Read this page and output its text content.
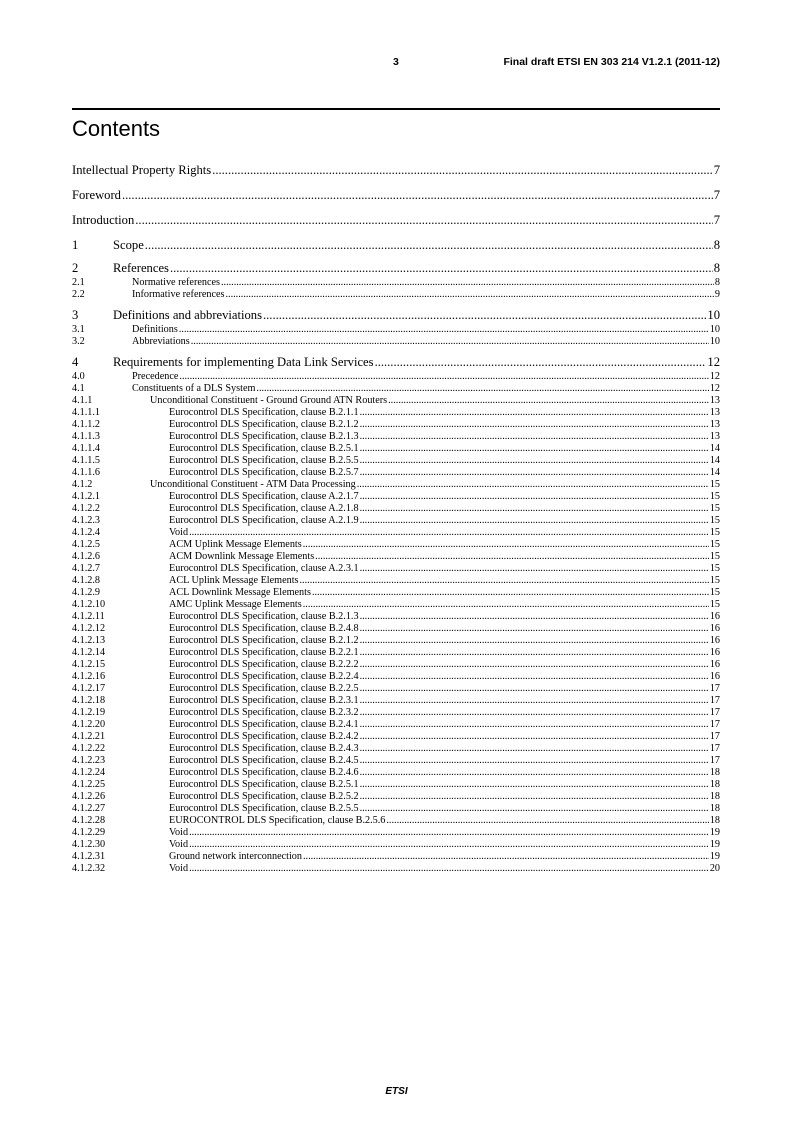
3	Final draft ETSI EN 303 214 V1.2.1 (2011-12)
Contents
Intellectual Property Rights .....	7
Foreword .....	7
Introduction .....	7
1	Scope .....	8
2	References .....	8
2.1	Normative references .....	8
2.2	Informative references .....	9
3	Definitions and abbreviations .....	10
3.1	Definitions .....	10
3.2	Abbreviations .....	10
4	Requirements for implementing Data Link Services .....	12
4.0	Precedence .....	12
4.1	Constituents of a DLS System .....	12
4.1.1	Unconditional Constituent - Ground Ground ATN Routers .....	13
4.1.1.1	Eurocontrol DLS Specification, clause B.2.1.1 .....	13
4.1.1.2	Eurocontrol DLS Specification, clause B.2.1.2 .....	13
4.1.1.3	Eurocontrol DLS Specification, clause B.2.1.3 .....	13
4.1.1.4	Eurocontrol DLS Specification, clause B.2.5.1 .....	14
4.1.1.5	Eurocontrol DLS Specification, clause B.2.5.5 .....	14
4.1.1.6	Eurocontrol DLS Specification, clause B.2.5.7 .....	14
4.1.2	Unconditional Constituent - ATM Data Processing .....	15
4.1.2.1	Eurocontrol DLS Specification, clause A.2.1.7 .....	15
4.1.2.2	Eurocontrol DLS Specification, clause A.2.1.8 .....	15
4.1.2.3	Eurocontrol DLS Specification, clause A.2.1.9 .....	15
4.1.2.4	Void .....	15
4.1.2.5	ACM Uplink Message Elements .....	15
4.1.2.6	ACM Downlink Message Elements .....	15
4.1.2.7	Eurocontrol DLS Specification, clause A.2.3.1 .....	15
4.1.2.8	ACL Uplink Message Elements .....	15
4.1.2.9	ACL Downlink Message Elements .....	15
4.1.2.10	AMC Uplink Message Elements .....	15
4.1.2.11	Eurocontrol DLS Specification, clause B.2.1.3 .....	16
4.1.2.12	Eurocontrol DLS Specification, clause B.2.4.8 .....	16
4.1.2.13	Eurocontrol DLS Specification, clause B.2.1.2 .....	16
4.1.2.14	Eurocontrol DLS Specification, clause B.2.2.1 .....	16
4.1.2.15	Eurocontrol DLS Specification, clause B.2.2.2 .....	16
4.1.2.16	Eurocontrol DLS Specification, clause B.2.2.4 .....	16
4.1.2.17	Eurocontrol DLS Specification, clause B.2.2.5 .....	17
4.1.2.18	Eurocontrol DLS Specification, clause B.2.3.1 .....	17
4.1.2.19	Eurocontrol DLS Specification, clause B.2.3.2 .....	17
4.1.2.20	Eurocontrol DLS Specification, clause B.2.4.1 .....	17
4.1.2.21	Eurocontrol DLS Specification, clause B.2.4.2 .....	17
4.1.2.22	Eurocontrol DLS Specification, clause B.2.4.3 .....	17
4.1.2.23	Eurocontrol DLS Specification, clause B.2.4.5 .....	17
4.1.2.24	Eurocontrol DLS Specification, clause B.2.4.6 .....	18
4.1.2.25	Eurocontrol DLS Specification, clause B.2.5.1 .....	18
4.1.2.26	Eurocontrol DLS Specification, clause B.2.5.2 .....	18
4.1.2.27	Eurocontrol DLS Specification, clause B.2.5.5 .....	18
4.1.2.28	EUROCONTROL DLS Specification, clause B.2.5.6 .....	18
4.1.2.29	Void .....	19
4.1.2.30	Void .....	19
4.1.2.31	Ground network interconnection .....	19
4.1.2.32	Void .....	20
ETSI
